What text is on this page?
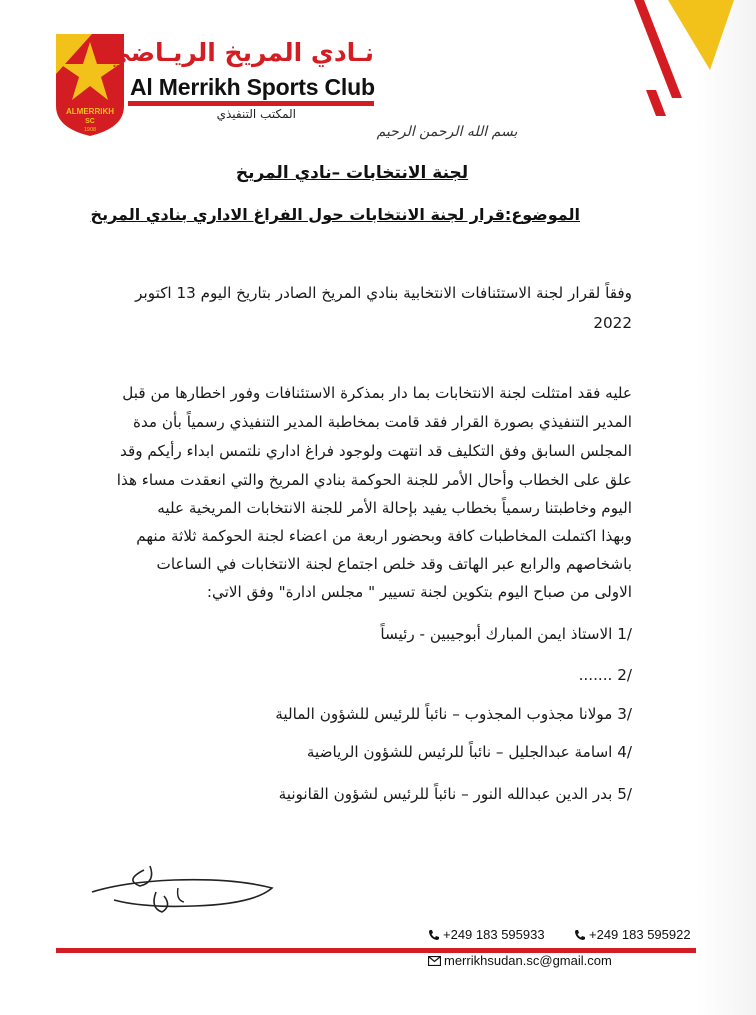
ALMERRIKH
SC
1908
نـادي المريخ الريـاضي
Al Merrikh Sports Club
المكتب التنفيذي
بسم الله الرحمن الرحيم
لجنة الانتخابات –نادي المريخ
الموضوع:قرار لجنة الانتخابات حول الفراغ الاداري بنادي المريخ
وفقاً لقرار لجنة الاستئنافات الانتخابية بنادي المريخ الصادر بتاريخ اليوم 13 اكتوبر
2022
عليه فقد امتثلت لجنة الانتخابات بما دار بمذكرة الاستئنافات وفور اخطارها من قبل
المدير التنفيذي بصورة القرار فقد قامت بمخاطبة المدير التنفيذي رسمياً بأن مدة
المجلس السابق وفق التكليف قد انتهت ولوجود فراغ اداري نلتمس ابداء رأيكم وقد
علق على الخطاب وأحال الأمر للجنة الحوكمة بنادي المريخ والتي انعقدت مساء هذا
اليوم وخاطبتنا رسمياً بخطاب يفيد بإحالة الأمر للجنة الانتخابات المريخية عليه
وبهذا اكتملت المخاطبات كافة وبحضور اربعة من اعضاء لجنة الحوكمة ثلاثة منهم
باشخاصهم والرابع عبر الهاتف وقد خلص اجتماع لجنة الانتخابات في الساعات
الاولى من صباح اليوم بتكوين لجنة تسيير " مجلس ادارة" وفق الاتي:
1/ الاستاذ ايمن المبارك أبوجيبين - رئيساً
2/ .......
3/ مولانا مجذوب المجذوب – نائباً للرئيس للشؤون المالية
4/ اسامة عبدالجليل – نائباً للرئيس للشؤون الرياضية
5/ بدر الدين عبدالله النور – نائباً للرئيس لشؤون القانونية
+249 183 595922
+249 183 595933
merrikhsudan.sc@gmail.com
